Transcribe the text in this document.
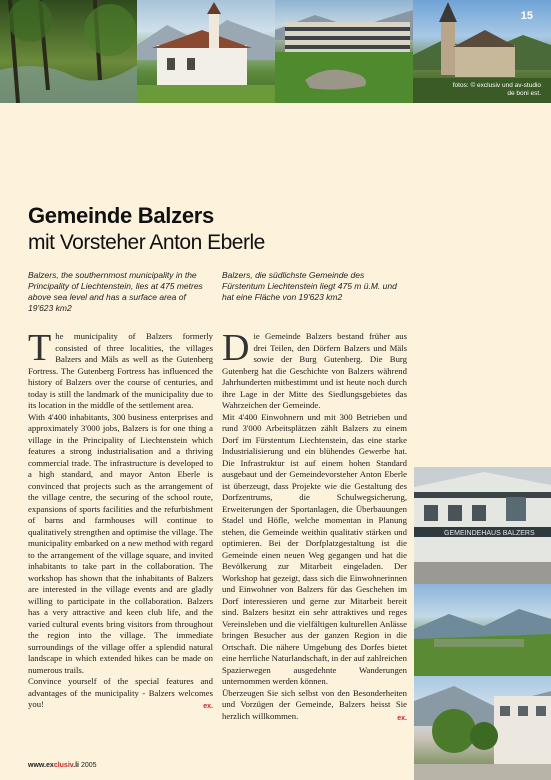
15
fotos: © exclusiv und av-studio de boni est.
Gemeinde Balzers
mit Vorsteher Anton Eberle
Balzers, the southernmost municipality in the Principality of Liechtenstein, lies at 475 metres above sea level and has a surface area of 19'623 km2
Balzers, die südlichste Gemeinde des Fürstentum Liechtenstein liegt 475 m ü.M. und hat eine Fläche von 19'623 km2

The municipality of Balzers formerly consisted of three localities, the villages Balzers and Mäls as well as the Gutenberg Fortress. The Gutenberg Fortress has influenced the history of Balzers over the course of centuries, and today is still the landmark of the municipality due to its location in the middle of the settlement area.

With 4'400 inhabitants, 300 business enterprises and approximately 3'000 jobs, Balzers is for one thing a village in the Principality of Liechtenstein which features a strong industrialisation and a thriving commercial trade. The infrastructure is developed to a high standard, and mayor Anton Eberle is convinced that projects such as the arrangement of the village centre, the securing of the school route, expansions of sports facilities and the refurbishment of barns and farmhouses will continue to qualitatively strengthen and optimise the village. The municipality embarked on a new method with regard to the arrangement of the village square, and invited inhabitants to take part in the collaboration. The workshop has shown that the inhabitants of Balzers are interested in the village events and are gladly willing to participate in the collaboration. Balzers has a very attractive and keen club life, and the varied cultural events bring visitors from throughout the region into the village. The immediate surroundings of the village offer a splendid natural landscape in which extended hikes can be made on numerous trails.

Convince yourself of the special features and advantages of the municipality - Balzers welcomes you!	ex.

Die Gemeinde Balzers bestand früher aus drei Teilen, den Dörfern Balzers und Mäls sowie der Burg Gutenberg. Die Burg Gutenberg hat die Geschichte von Balzers während Jahrhunderten mitbestimmt und ist heute noch durch ihre Lage in der Mitte des Siedlungsgebietes das Wahrzeichen der Gemeinde.

Mit 4'400 Einwohnern und mit 300 Betrieben und rund 3'000 Arbeitsplätzen zählt Balzers zu einem Dorf im Fürstentum Liechtenstein, das eine starke Industrialisierung und ein blühendes Gewerbe hat. Die Infrastruktur ist auf einem hohen Standard ausgebaut und der Gemeindevorsteher Anton Eberle ist überzeugt, dass Projekte wie die Gestaltung des Dorfzentrums, die Schulwegsicherung, Erweiterungen der Sportanlagen, die Überbauungen Stadel und Höfle, welche momentan in Planung stehen, die Gemeinde weithin qualitativ stärken und optimieren. Bei der Dorfplatzgestaltung ist die Gemeinde einen neuen Weg gegangen und hat die Bevölkerung zur Mitarbeit eingeladen. Der Workshop hat gezeigt, dass sich die Einwohnerinnen und Einwohner von Balzers für das Geschehen im Dorf interessieren und gerne zur Mitarbeit bereit sind. Balzers besitzt ein sehr attraktives und reges Vereinsleben und die vielfältigen kulturellen Anlässe bringen Besucher aus der ganzen Region in die Ortschaft. Die nähere Umgebung des Dorfes bietet eine herrliche Naturlandschaft, in der auf zahlreichen Spazierwegen ausgedehnte Wanderungen unternommen werden können.

Überzeugen Sie sich selbst von den Besonderheiten und Vorzügen der Gemeinde, Balzers heisst Sie herzlich willkommen.	ex.

GEMEINDEHAUS BALZERS
www.exclusiv.li 2005
